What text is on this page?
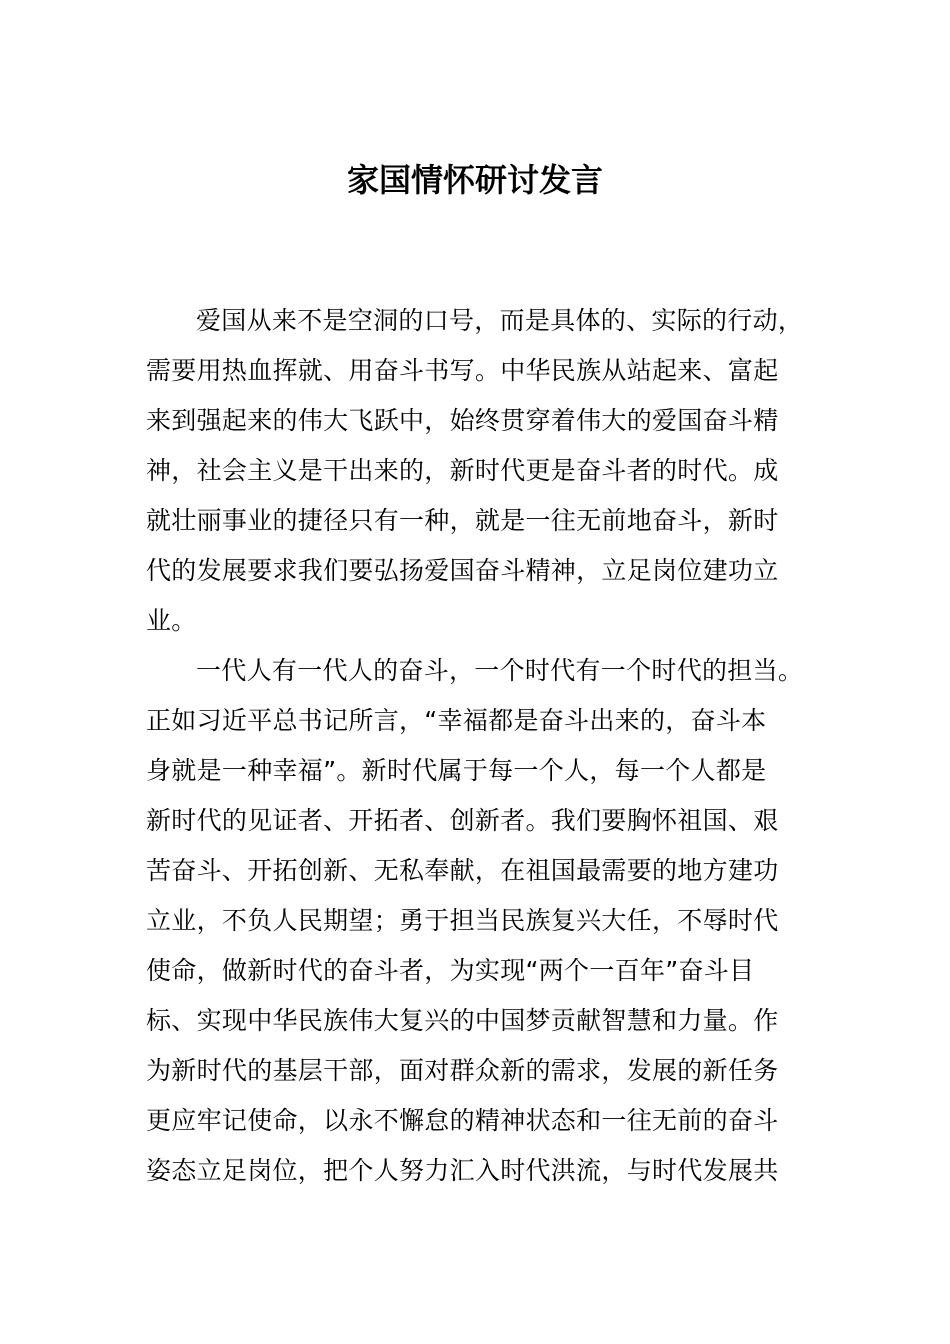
家国情怀研讨发言

爱国从来不是空洞的口号，而是具体的、实际的行动，
需要用热血挥就、用奋斗书写。中华民族从站起来、富起
来到强起来的伟大飞跃中，始终贯穿着伟大的爱国奋斗精
神，社会主义是干出来的，新时代更是奋斗者的时代。成
就壮丽事业的捷径只有一种，就是一往无前地奋斗，新时
代的发展要求我们要弘扬爱国奋斗精神，立足岗位建功立
业。

一代人有一代人的奋斗，一个时代有一个时代的担当。
正如习近平总书记所言，“幸福都是奋斗出来的，奋斗本
身就是一种幸福”。新时代属于每一个人，每一个人都是
新时代的见证者、开拓者、创新者。我们要胸怀祖国、艰
苦奋斗、开拓创新、无私奉献，在祖国最需要的地方建功
立业，不负人民期望；勇于担当民族复兴大任，不辱时代
使命，做新时代的奋斗者，为实现“两个一百年”奋斗目
标、实现中华民族伟大复兴的中国梦贡献智慧和力量。作
为新时代的基层干部，面对群众新的需求，发展的新任务
更应牢记使命，以永不懈怠的精神状态和一往无前的奋斗
姿态立足岗位，把个人努力汇入时代洪流，与时代发展共
